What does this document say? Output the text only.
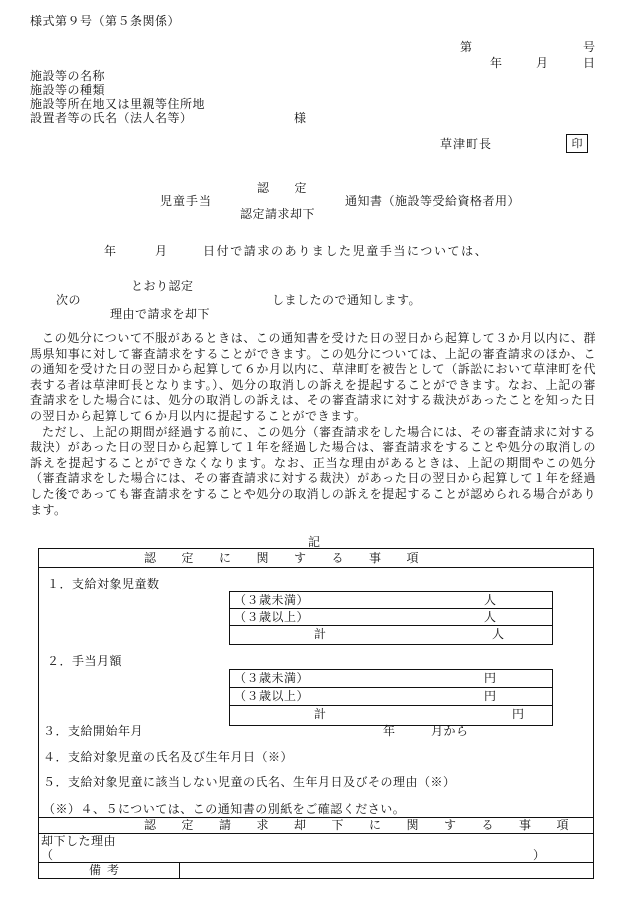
様式第９号（第５条関係）
第	号
年	月	日
施設等の名称
施設等の種類
施設等所在地又は里親等住所地
設置者等の氏名（法人名等）	様
草津町長	印
認　　定
児童手当	通知書（施設等受給資格者用）
認定請求却下
年	月	日付で請求のありました児童手当については、
とおり認定
次の	しましたので通知します。
理由で請求を却下

この処分について不服があるときは、この通知書を受けた日の翌日から起算して３か月以内に、群馬県知事に対して審査請求をすることができます。この処分については、上記の審査請求のほか、この通知を受けた日の翌日から起算して６か月以内に、草津町を被告として（訴訟において草津町を代表する者は草津町長となります。）、処分の取消しの訴えを提起することができます。なお、上記の審査請求をした場合には、処分の取消しの訴えは、その審査請求に対する裁決があったことを知った日の翌日から起算して６か月以内に提起することができます。

ただし、上記の期間が経過する前に、この処分（審査請求をした場合には、その審査請求に対する裁決）があった日の翌日から起算して１年を経過した場合は、審査請求をすることや処分の取消しの訴えを提起することができなくなります。なお、正当な理由があるときは、上記の期間やこの処分（審査請求をした場合には、その審査請求に対する裁決）があった日の翌日から起算して１年を経過した後であっても審査請求をすることや処分の取消しの訴えを提起することが認められる場合があります。

記
認　　定　　に　　関　　す　　る　　事　　項
１．支給対象児童数
（３歳未満）	人
（３歳以上）	人
計	人
２．手当月額
（３歳未満）	円
（３歳以上）	円
計	円
３．支給開始年月	年	月から
４．支給対象児童の氏名及び生年月日（※）
５．支給対象児童に該当しない児童の氏名、生年月日及びその理由（※）
（※）４、５については、この通知書の別紙をご確認ください。
認　　定　　請　　求　　却　　下　　に　　関　　す　　る　　事　　項
却下した理由
（	）
備考
